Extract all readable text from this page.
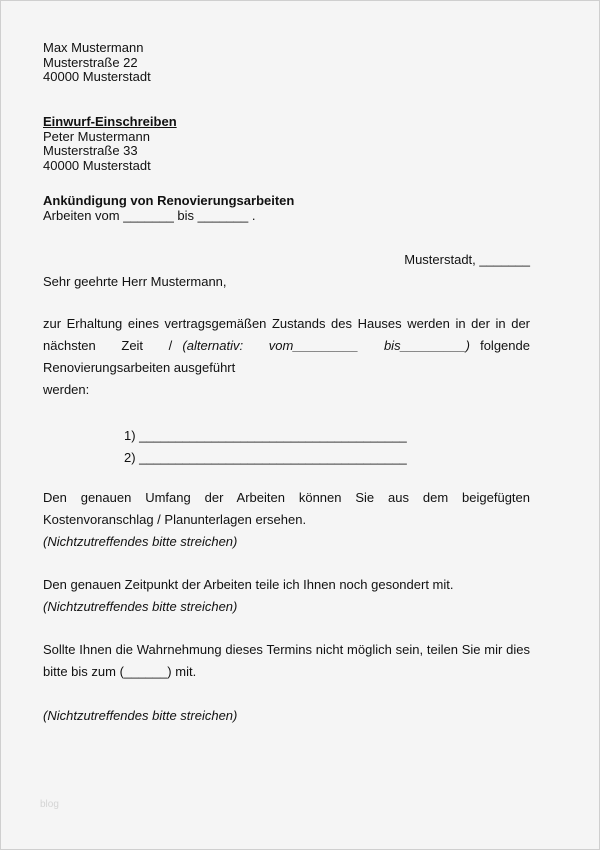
Max Mustermann
Musterstraße 22
40000 Musterstadt
Einwurf-Einschreiben
Peter Mustermann
Musterstraße 33
40000 Musterstadt
Ankündigung von Renovierungsarbeiten
Arbeiten vom _______ bis _______ .
Musterstadt, _______
Sehr geehrte Herr Mustermann,
zur Erhaltung eines vertragsgemäßen Zustands des Hauses werden in der in der
nächsten Zeit / (alternativ: vom_________ bis_________) folgende
Renovierungsarbeiten ausgeführt
werden:
1) _____________________________________
2) _____________________________________
Den genauen Umfang der Arbeiten können Sie aus dem beigefügten Kostenvoranschlag / Planunterlagen ersehen.
(Nichtzutreffendes bitte streichen)
Den genauen Zeitpunkt der Arbeiten teile ich Ihnen noch gesondert mit.
(Nichtzutreffendes bitte streichen)
Sollte Ihnen die Wahrnehmung dieses Termins nicht möglich sein, teilen Sie mir dies bitte bis zum (______) mit.
(Nichtzutreffendes bitte streichen)
blog
